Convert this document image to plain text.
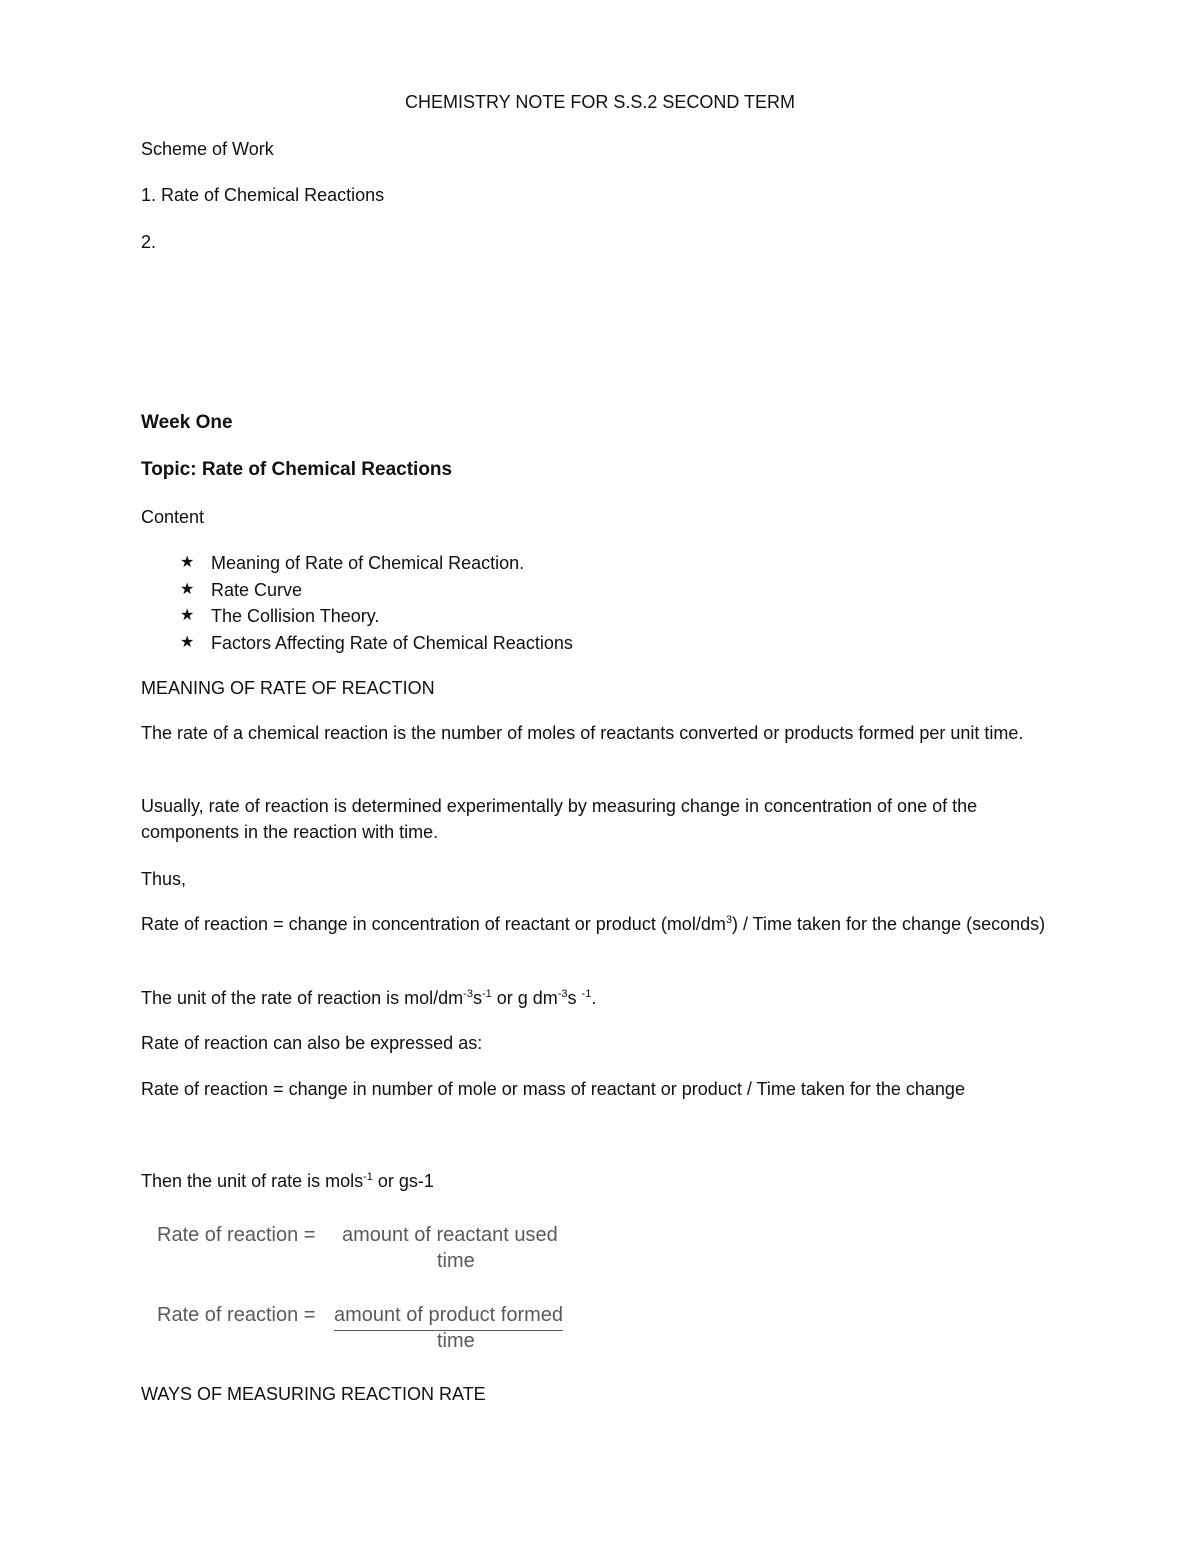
CHEMISTRY NOTE FOR S.S.2 SECOND TERM
Scheme of Work
1. Rate of Chemical Reactions
2.
Week One
Topic: Rate of Chemical Reactions
Content
★ Meaning of Rate of Chemical Reaction.
★ Rate Curve
★ The Collision Theory.
★ Factors Affecting Rate of Chemical Reactions
MEANING OF RATE OF REACTION
The rate of a chemical reaction is the number of moles of reactants converted or products formed per unit time.
Usually, rate of reaction is determined experimentally by measuring change in concentration of one of the components in the reaction with time.
Thus,
Rate of reaction = change in concentration of reactant or product $(mol/dm^3)$ / Time taken for the change (seconds)
The unit of the rate of reaction is mol/$dm^{-3}s^{-1}$ or g $dm^{-3}s$ $^{-1}$.
Rate of reaction can also be expressed as:
Rate of reaction = change in number of mole or mass of reactant or product / Time taken for the change
Then the unit of rate is mols$^{-1}$ or gs-1
Rate of reaction = amount of reactant used
time
Rate of reaction = amount of product formed
time
WAYS OF MEASURING REACTION RATE
